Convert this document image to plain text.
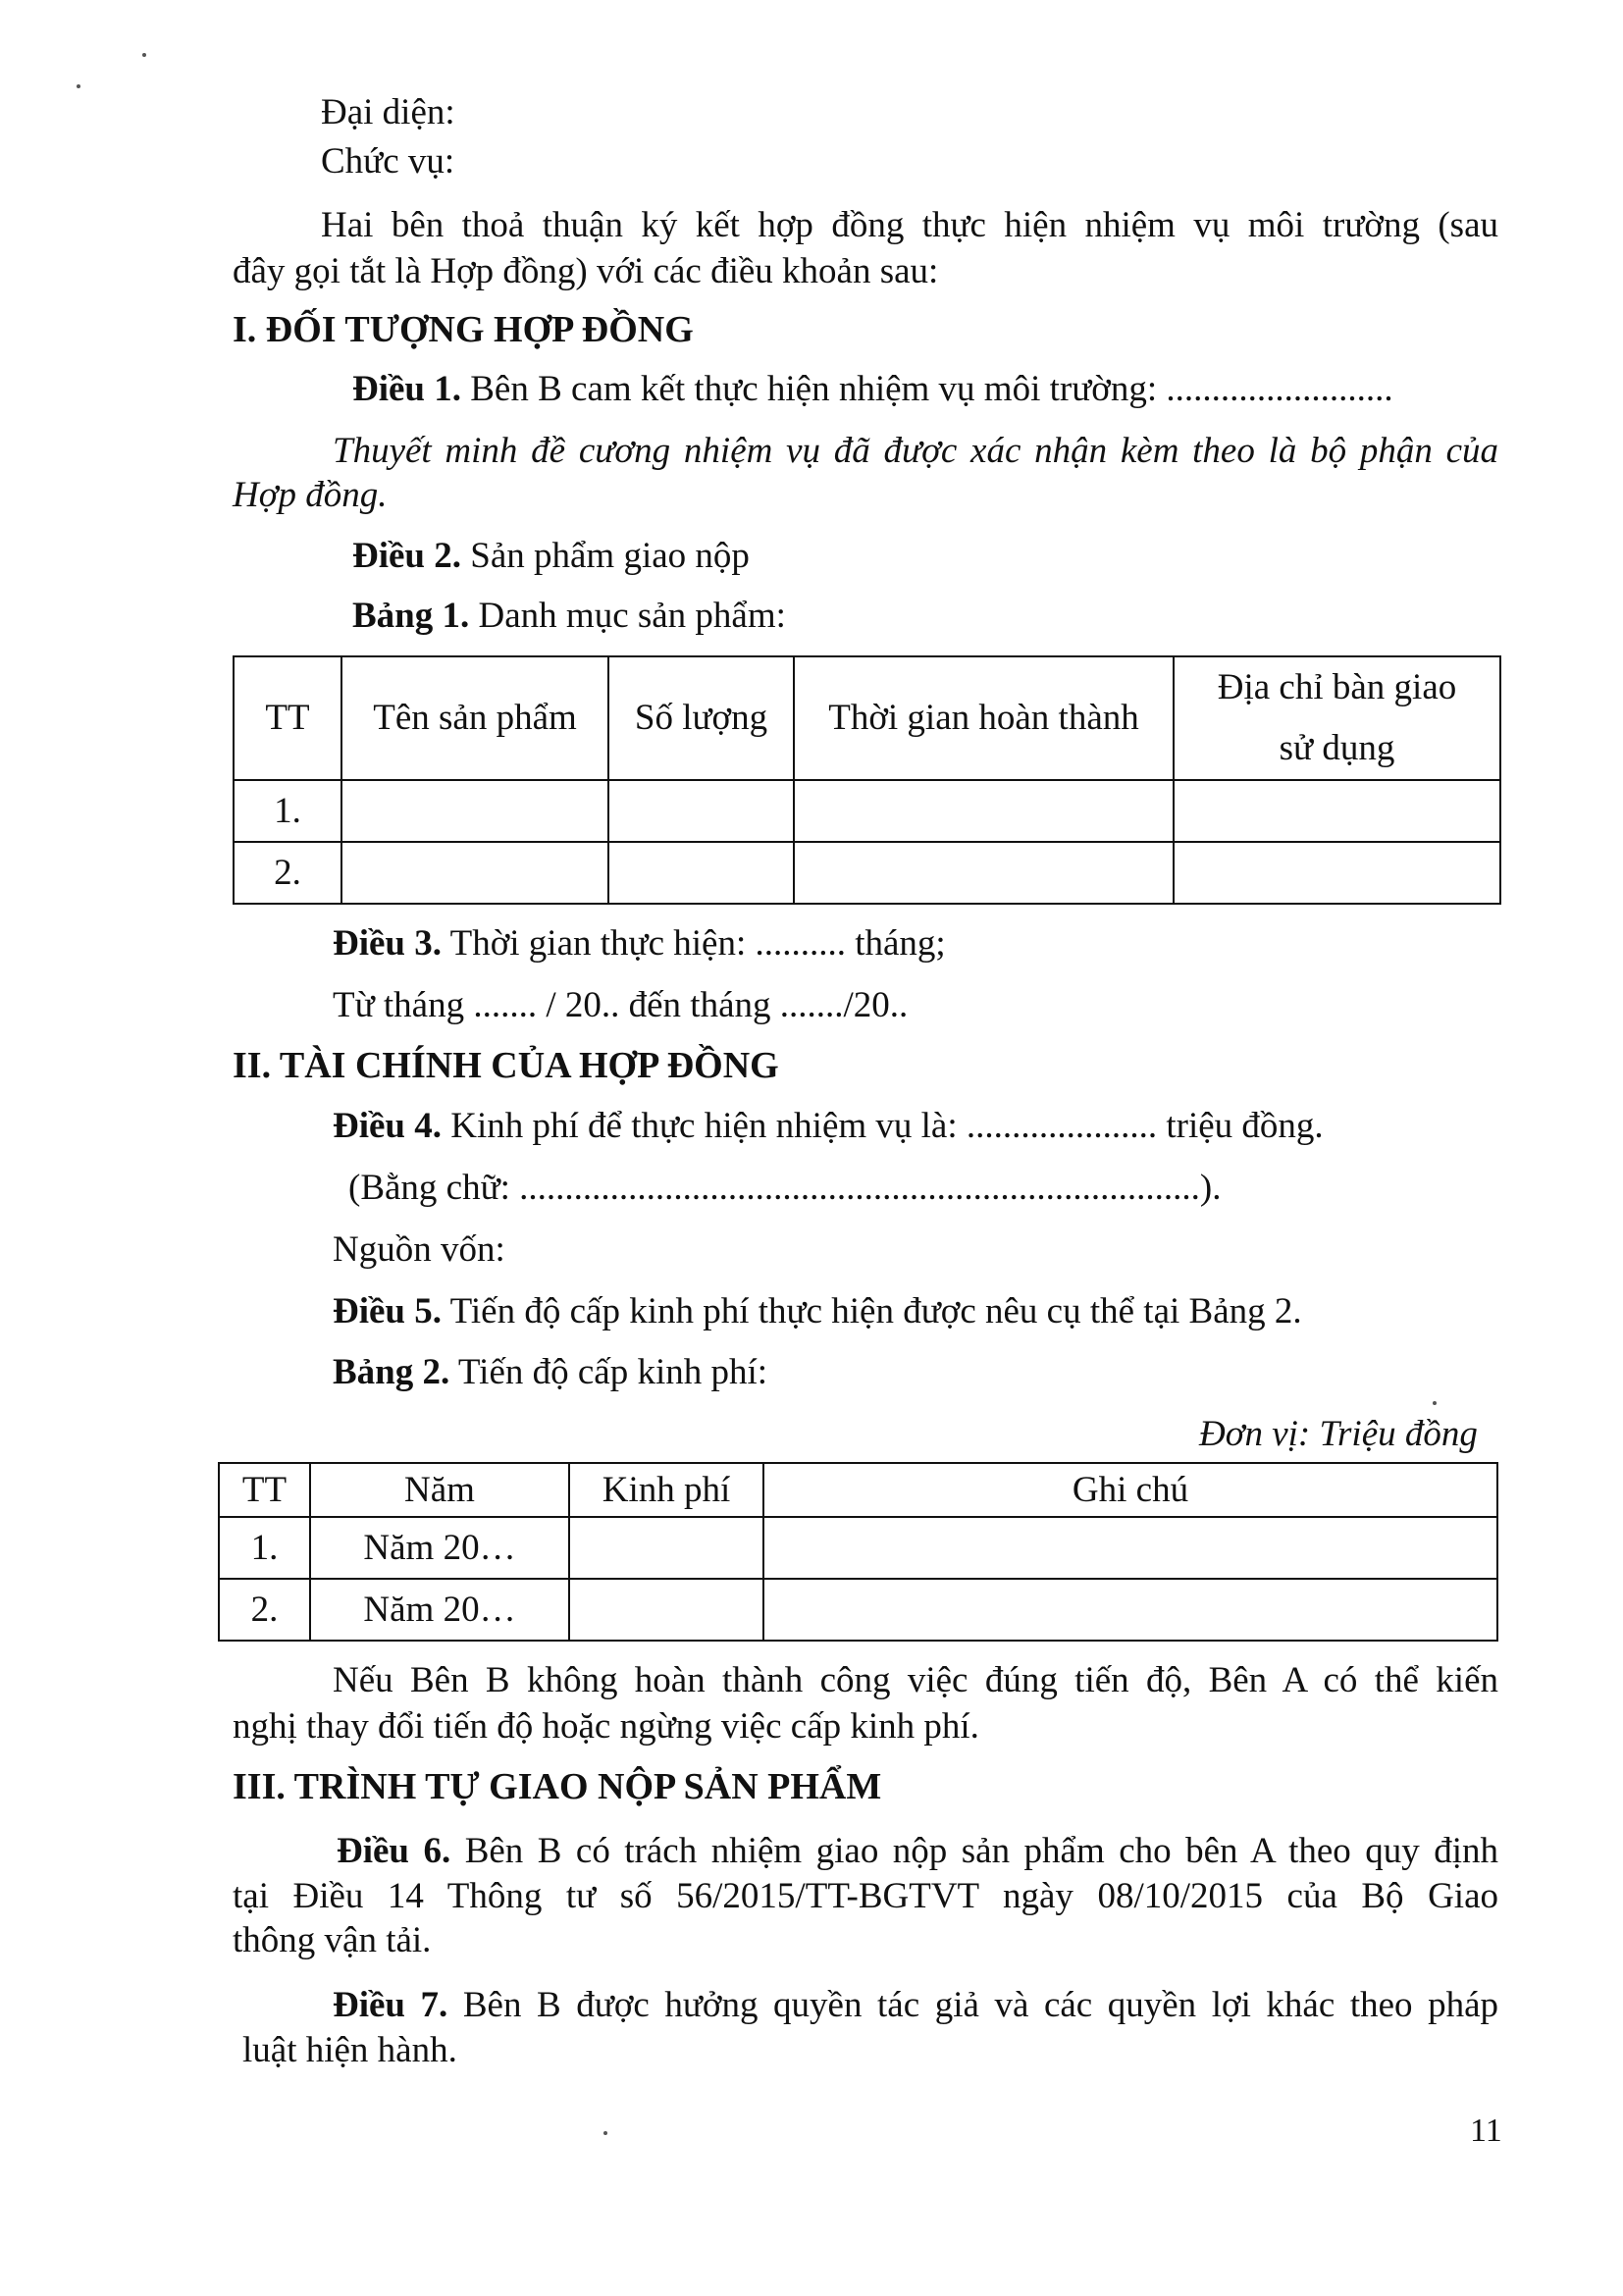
Đại diện:
Chức vụ:
Hai bên thoả thuận ký kết hợp đồng thực hiện nhiệm vụ môi trường (sau
đây gọi tắt là Hợp đồng) với các điều khoản sau:
I. ĐỐI TƯỢNG HỢP ĐỒNG
Điều 1. Bên B cam kết thực hiện nhiệm vụ môi trường: .........................
Thuyết minh đề cương nhiệm vụ đã được xác nhận kèm theo là bộ phận của
Hợp đồng.
Điều 2. Sản phẩm giao nộp
Bảng 1. Danh mục sản phẩm:
TT	Tên sản phẩm	Số lượng	Thời gian hoàn thành	Địa chỉ bàn giao
sử dụng
1.				
2.				
Điều 3. Thời gian thực hiện: .......... tháng;
Từ tháng ....... / 20.. đến tháng ......./20..
II. TÀI CHÍNH CỦA HỢP ĐỒNG
Điều 4. Kinh phí để thực hiện nhiệm vụ là: ..................... triệu đồng.
(Bằng chữ: ...........................................................................).
Nguồn vốn:
Điều 5. Tiến độ cấp kinh phí thực hiện được nêu cụ thể tại Bảng 2.
Bảng 2. Tiến độ cấp kinh phí:
Đơn vị: Triệu đồng
TT	Năm	Kinh phí	Ghi chú
1.	Năm 20…		
2.	Năm 20…		
Nếu Bên B không hoàn thành công việc đúng tiến độ, Bên A có thể kiến
nghị thay đổi tiến độ hoặc ngừng việc cấp kinh phí.
III. TRÌNH TỰ GIAO NỘP SẢN PHẨM
Điều 6. Bên B có trách nhiệm giao nộp sản phẩm cho bên A theo quy định
tại Điều 14 Thông tư số 56/2015/TT-BGTVT ngày 08/10/2015 của Bộ Giao
thông vận tải.
Điều 7. Bên B được hưởng quyền tác giả và các quyền lợi khác theo pháp
luật hiện hành.
11
